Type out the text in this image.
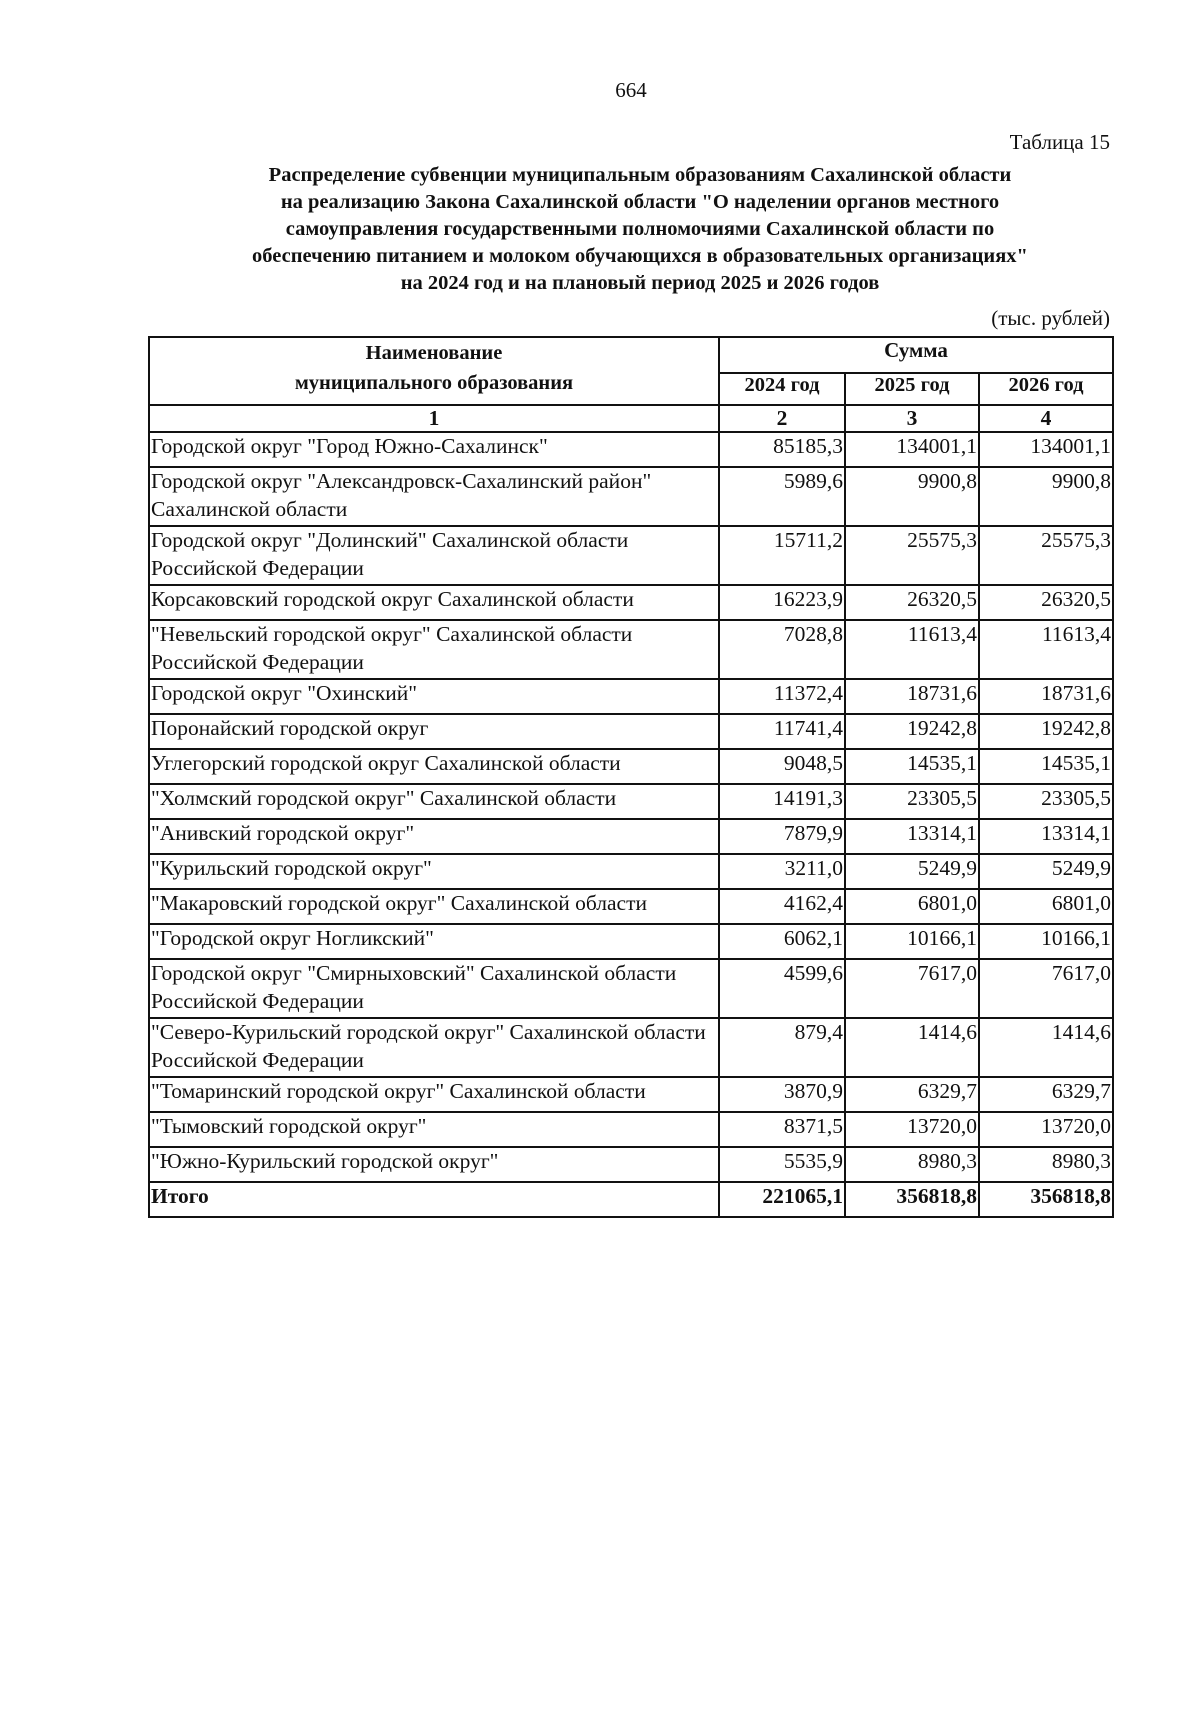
664
Таблица 15
Распределение субвенции муниципальным образованиям Сахалинской области
на реализацию Закона Сахалинской области "О наделении органов местного
самоуправления государственными полномочиями Сахалинской области по
обеспечению питанием и молоком обучающихся в образовательных организациях"
на 2024 год и на плановый период 2025 и 2026 годов
(тыс. рублей)
Наименование
муниципального образования	Сумма		
	2024 год	2025 год	2026 год
1	2	3	4
Городской округ "Город Южно-Сахалинск"	85185,3	134001,1	134001,1
Городской округ "Александровск-Сахалинский район" Сахалинской области	5989,6	9900,8	9900,8
Городской округ "Долинский" Сахалинской области Российской Федерации	15711,2	25575,3	25575,3
Корсаковский городской округ Сахалинской области	16223,9	26320,5	26320,5
"Невельский городской округ" Сахалинской области Российской Федерации	7028,8	11613,4	11613,4
Городской округ "Охинский"	11372,4	18731,6	18731,6
Поронайский городской округ	11741,4	19242,8	19242,8
Углегорский городской округ Сахалинской области	9048,5	14535,1	14535,1
"Холмский городской округ" Сахалинской области	14191,3	23305,5	23305,5
"Анивский городской округ"	7879,9	13314,1	13314,1
"Курильский городской округ"	3211,0	5249,9	5249,9
"Макаровский городской округ" Сахалинской области	4162,4	6801,0	6801,0
"Городской округ Ногликский"	6062,1	10166,1	10166,1
Городской округ "Смирныховский" Сахалинской области Российской Федерации	4599,6	7617,0	7617,0
"Северо-Курильский городской округ" Сахалинской области Российской Федерации	879,4	1414,6	1414,6
"Томаринский городской округ" Сахалинской области	3870,9	6329,7	6329,7
"Тымовский городской округ"	8371,5	13720,0	13720,0
"Южно-Курильский городской округ"	5535,9	8980,3	8980,3
Итого	221065,1	356818,8	356818,8
